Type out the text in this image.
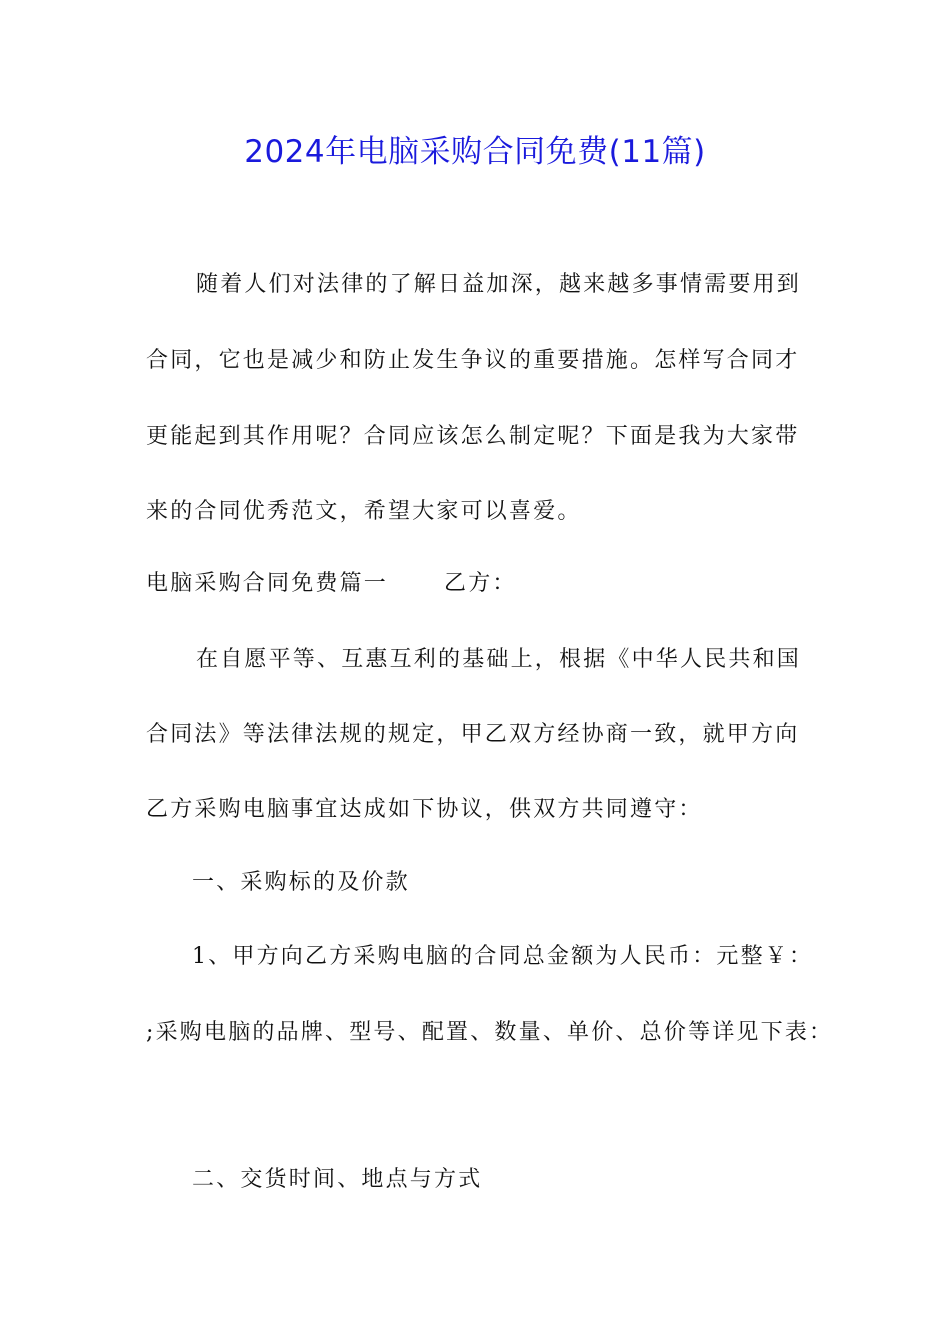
2024年电脑采购合同免费(11篇)
随着人们对法律的了解日益加深，越来越多事情需要用到
合同，它也是减少和防止发生争议的重要措施。怎样写合同才
更能起到其作用呢？合同应该怎么制定呢？下面是我为大家带
来的合同优秀范文，希望大家可以喜爱。
电脑采购合同免费篇一	乙方：
在自愿平等、互惠互利的基础上，根据《中华人民共和国
合同法》等法律法规的规定，甲乙双方经协商一致，就甲方向
乙方采购电脑事宜达成如下协议，供双方共同遵守：
一、采购标的及价款
1、甲方向乙方采购电脑的合同总金额为人民币：元整￥：
;采购电脑的品牌、型号、配置、数量、单价、总价等详见下表：
二、交货时间、地点与方式
